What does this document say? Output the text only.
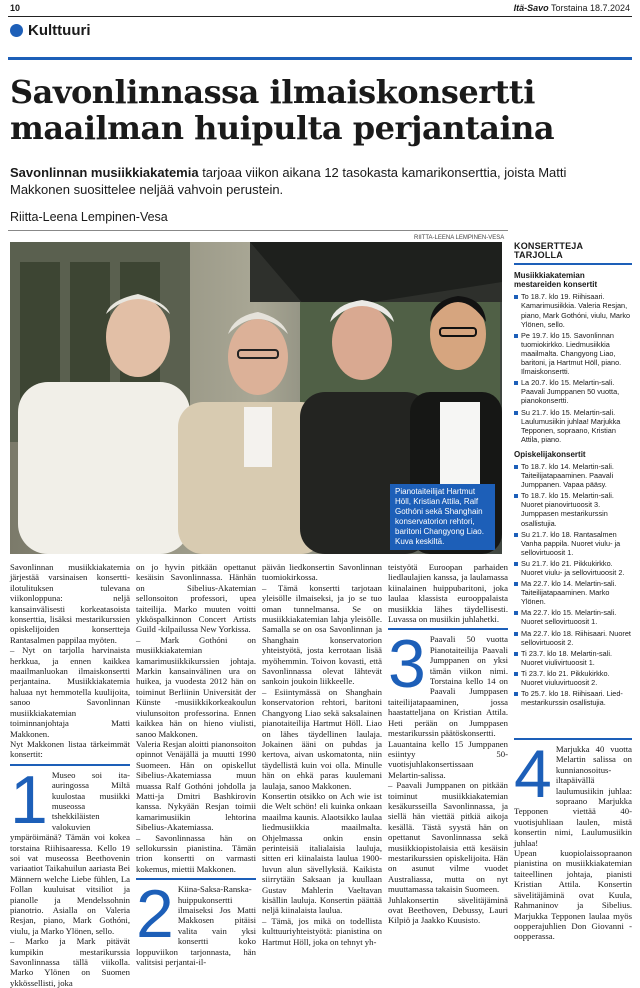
10	Itä-Savo Torstaina 18.7.2024
Kulttuuri
Savonlinnassa ilmaiskonsertti maailman huipulta perjantaina

Savonlinnan musiikkiakatemia tarjoaa viikon aikana 12 tasokasta kamarikonserttia, joista Matti Makkonen suosittelee neljää vahvoin perustein.

Riitta-Leena Lempinen-Vesa
RIITTA-LEENA LEMPINEN-VESA
Pianotaiteilijat Hartmut Höll, Kristian Attila, Ralf Gothóni sekä Shanghain konservatorion rehtori, baritoni Changyong Liao. Kuva keskiltä.

Savonlinnan musiikkiakatemia järjestää varsinaisen konsertti-ilotulituksen tulevana viikonloppuna: neljä kansainvälisesti korkeatasoista konserttia, lisäksi mestarikurssien opiskelijoiden konsertteja Rantasalmen pappilaa myöten.

– Nyt on tarjolla harvinaista herkkua, ja ennen kaikkea maailmanluokan ilmaiskonsertti perjantaina. Musiikkiakatemia haluaa nyt hemmotella kuulijoita, sanoo Savonlinnan musiikkiakatemian toiminnanjohtaja Matti Makkonen.

Nyt Makkonen listaa tärkeimmät konsertit:

1 Museo soi ita-auringossa Miltä kuulostaa musiikki museossa tshekkiläisten valokuvien ympäröimänä? Tämän voi kokea torstaina Riihisaaressa. Kello 19 soi vat museossa Beethovenin variaatiot Taikahuilun aariasta Bei Männern welche Liebe fühlen, La Follan kuuluisat vitsiliot ja pianolle ja Mendelssohnin pianotrio. Asialla on Valeria Resjan, piano, Mark Gothóni, viulu, ja Marko Ylönen, sello.

– Marko ja Mark pitävät kumpikin mestarikurssia Savonlinnassa tällä viikolla. Marko Ylönen on Suomen ykkössellisti, joka

on jo hyvin pitkään opettanut kesäisin Savonlinnassa. Hänhän on Sibelius-Akatemian sellonsoiton professori, upea taiteilija. Marko muuten voitti ykköspalkinnon Concert Artists Guild -kilpailussa New Yorkissa.

– Mark Gothóni on musiikkiakatemian kamarimusiikkikurssien johtaja. Markin kansainvälinen ura on huikea, ja vuodesta 2012 hän on toiminut Berliinin Universität der Künste -musiikkikorkeakoulun viulunsoiton professorina. Ennen kaikkea hän on hieno viulisti, sanoo Makkonen.

Valeria Resjan aloitti pianonsoiton opinnot Venäjällä ja muutti 1990 Suomeen. Hän on opiskellut Sibelius-Akatemiassa muun muassa Ralf Gothóni johdolla ja Matti-ja Dmitri Bashkirovin kanssa. Nykyään Resjan toimii kamarimusiikin lehtorina Sibelius-Akatemiassa.

– Savonlinnassa hän on sellokurssin pianistina. Tämän trion konsertti on varmasti kokemus, miettii Makkonen.

2 Kiina-Saksa-Ranska-huippukonsertti ilmaiseksi Jos Matti Makkosen pitäisi valita vain yksi konsertti koko loppuviikon tarjonnasta, hän valitsisi perjantai-il-

päivän liedkonsertin Savonlinnan tuomiokirkossa.

– Tämä konsertti tarjotaan yleisölle ilmaiseksi, ja jo se tuo oman tunnelmansa. Se on musiikkiakatemian lahja yleisölle. Samalla se on osa Savonlinnan ja Shanghain konservatorion yhteistyötä, josta kerrotaan lisää myöhemmin. Toivon kovasti, että Savonlinnassa olevat lähtevät sankoin joukoin liikkeelle.

– Esiintymässä on Shanghain konservatorion rehtori, baritoni Changyong Liao sekä saksalainen pianotaiteilija Hartmut Höll. Liao on lähes täydellinen laulaja. Jokainen ääni on puhdas ja kertova, aivan uskomatonta, niin täydellistä kuin voi olla. Minulle hän on ehkä paras kuulemani laulaja, sanoo Makkonen.

Konsertin otsikko on Ach wie ist die Welt schön! eli kuinka onkaan maailma kaunis. Alaotsikko laulaa liedmusiikkia maailmalta. Ohjelmassa onkin ensin perinteisiä italialaisia lauluja, sitten eri kiinalaista laulua 1900-luvun alun sävellyksiä. Kaikista siirrytään Saksaan ja kuullaan Gustav Mahlerin Vaeltavan kisällin lauluja. Konsertin päättää neljä kiinalaista laulua.

– Tämä, jos mikä on todellista kulttuuriyhteistyötä: pianistina on Hartmut Höll, joka on tehnyt yh-

teistyötä Euroopan parhaiden liedlaulajien kanssa, ja laulamassa kiinalainen huippubaritoni, joka laulaa klassista eurooppalaista musiikkia lähes täydellisesti. Luvassa on musiikin juhlahetki.

3 Paavali 50 vuotta Pianotaiteilija Paavali Jumppanen on yksi tämän viikon nimi. Torstaina kello 14 on Paavali Jumppasen taiteilijatapaaminen, jossa haastatteljana on Kristian Attila. Heti perään on Jumppasen mestarikurssin päätöskonsertti.

Lauantaina kello 15 Jumppanen esiintyy 50-vuotisjuhlakonsertissaan Melartin-salissa.

– Paavali Jumppanen on pitkään toiminut musiikkiakatemian kesäkursseilla Savonlinnassa, ja siellä hän viettää pitkiä aikoja kesällä. Tästä syystä hän on opettanut Savonlinnassa sekä musiikkiopistolaisia että kesäisin mestarikurssien opiskelijoita. Hän on asunut vilme vuodet Australiassa, mutta on nyt muuttamassa takaisin Suomeen.

Juhlakonsertin sävelitäjäminä ovat Beethoven, Debussy, Lauri Kilpiö ja Jaakko Kuusisto.

4 Marjukka 40 vuotta Melartin salissa on kunnianosoitus-iltapäivällä laulumusiikin juhlaa: sopraano Marjukka Tepponen viettää 40-vuotisjuhliaan laulen, mistä konsertin nimi, Laulumusiikin juhlaa!

Upean kuopiolaissopraanon pianistina on musiikkiakatemian taiteellinen johtaja, pianisti Kristian Attila. Konsertin sävelitäjäminä ovat Kuula, Rahmaninov ja Sibelius. Marjukka Tepponen laulaa myös oopperajuhlien Don Giovanni -oopperassa.

KONSERTTEJA TARJOLLA
Musiikkiakatemian mestareiden konsertit
To 18.7. klo 19. Riihisaari. Kamarimusiikkia. Valeria Resjan, piano, Mark Gothóni, viulu, Marko Ylönen, sello.
Pe 19.7. klo 15. Savonlinnan tuomiokirkko. Liedmusiikkia maailmalta. Changyong Liao, baritoni, ja Hartmut Höll, piano. Ilmaiskonsertti.
La 20.7. klo 15. Melartin-sali. Paavali Jumppanen 50 vuotta, pianokonsertti.
Su 21.7. klo 15. Melartin-sali. Laulumusiikin juhlaa! Marjukka Tepponen, sopraano, Kristian Attila, piano.
Opiskelijakonsertit
To 18.7. klo 14. Melartin-sali. Taiteilijatapaaminen. Paavali Jumppanen. Vapaa pääsy.
To 18.7. klo 15. Melartin-sali. Nuoret pianovirtuoosit 3. Jumppasen mestarikurssin osallistujia.
Su 21.7. klo 18. Rantasalmen Vanha pappila. Nuoret viulu- ja sellovirtuoosit 1.
Su 21.7. klo 21. Pikkukirkko. Nuoret viulu- ja sellovirtuoosit 2.
Ma 22.7. klo 14. Melartin-sali. Taiteilijatapaaminen. Marko Ylönen.
Ma 22.7. klo 15. Melartin-sali. Nuoret sellovirtuoosit 1.
Ma 22.7. klo 18. Riihisaari. Nuoret sellovirtuoosit 2.
Ti 23.7. klo 18. Melartin-sali. Nuoret viulivirtuoosit 1.
Ti 23.7. klo 21. Pikkukirkko. Nuoret viuluvirtuoosit 2.
To 25.7. klo 18. Riihisaari. Lied-mestarikurssin osallistujia.
